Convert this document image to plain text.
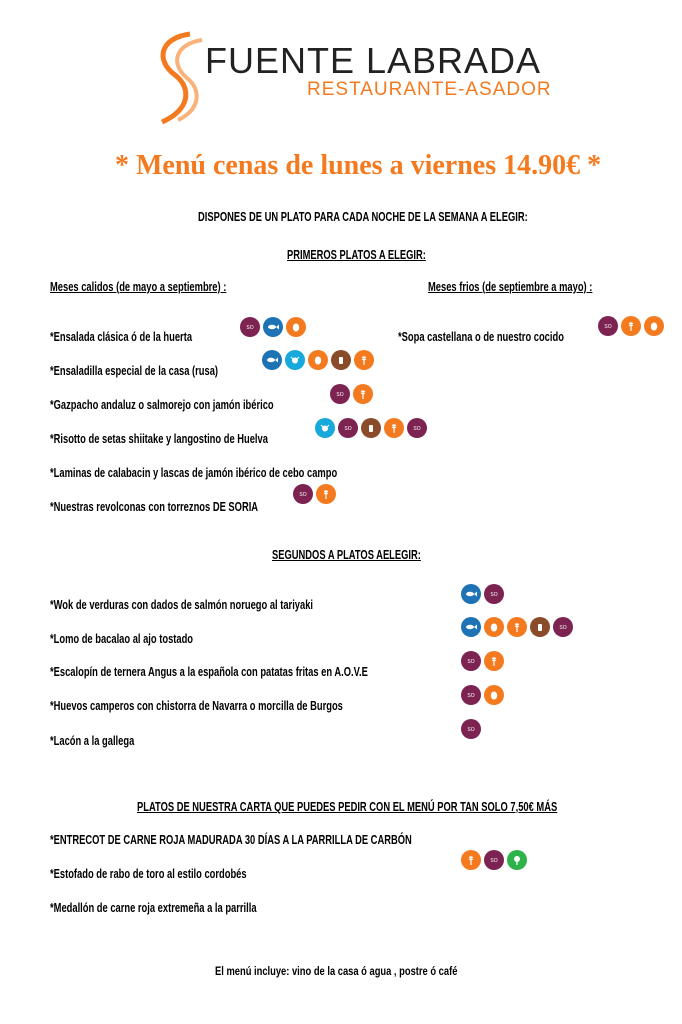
FUENTE LABRADA
RESTAURANTE-ASADOR
* Menú cenas de lunes a viernes 14.90€ *
DISPONES DE UN PLATO PARA CADA NOCHE DE LA SEMANA A ELEGIR:
PRIMEROS PLATOS A ELEGIR:
Meses calidos (de mayo a septiembre) :	Meses frios (de septiembre a mayo) :
*Ensalada clásica ó de la huerta
*Ensaladilla especial de la casa (rusa)
*Gazpacho andaluz o salmorejo con jamón ibérico
*Risotto de setas shiitake y langostino de Huelva
*Laminas de calabacin y lascas de jamón ibérico de cebo campo
*Nuestras revolconas con torreznos DE SORIA
*Sopa castellana o de nuestro cocido
SO
SO
SO	SO
SO
SO
SEGUNDOS A PLATOS AELEGIR:
*Wok de verduras con dados de salmón noruego al tariyaki
*Lomo de bacalao al ajo tostado
*Escalopín de ternera Angus a la española con patatas fritas en A.O.V.E
*Huevos camperos con chistorra de Navarra o morcilla de Burgos
*Lacón a la gallega
SO
SO
SO
SO
SO
PLATOS DE NUESTRA CARTA QUE PUEDES PEDIR CON EL MENÚ POR TAN SOLO 7,50€ MÁS
*ENTRECOT DE CARNE ROJA MADURADA 30 DÍAS A LA PARRILLA DE CARBÓN
*Estofado de rabo de toro al estilo cordobés
*Medallón de carne roja extremeña a la parrilla
SO
El menú incluye: vino de la casa ó agua , postre ó café
